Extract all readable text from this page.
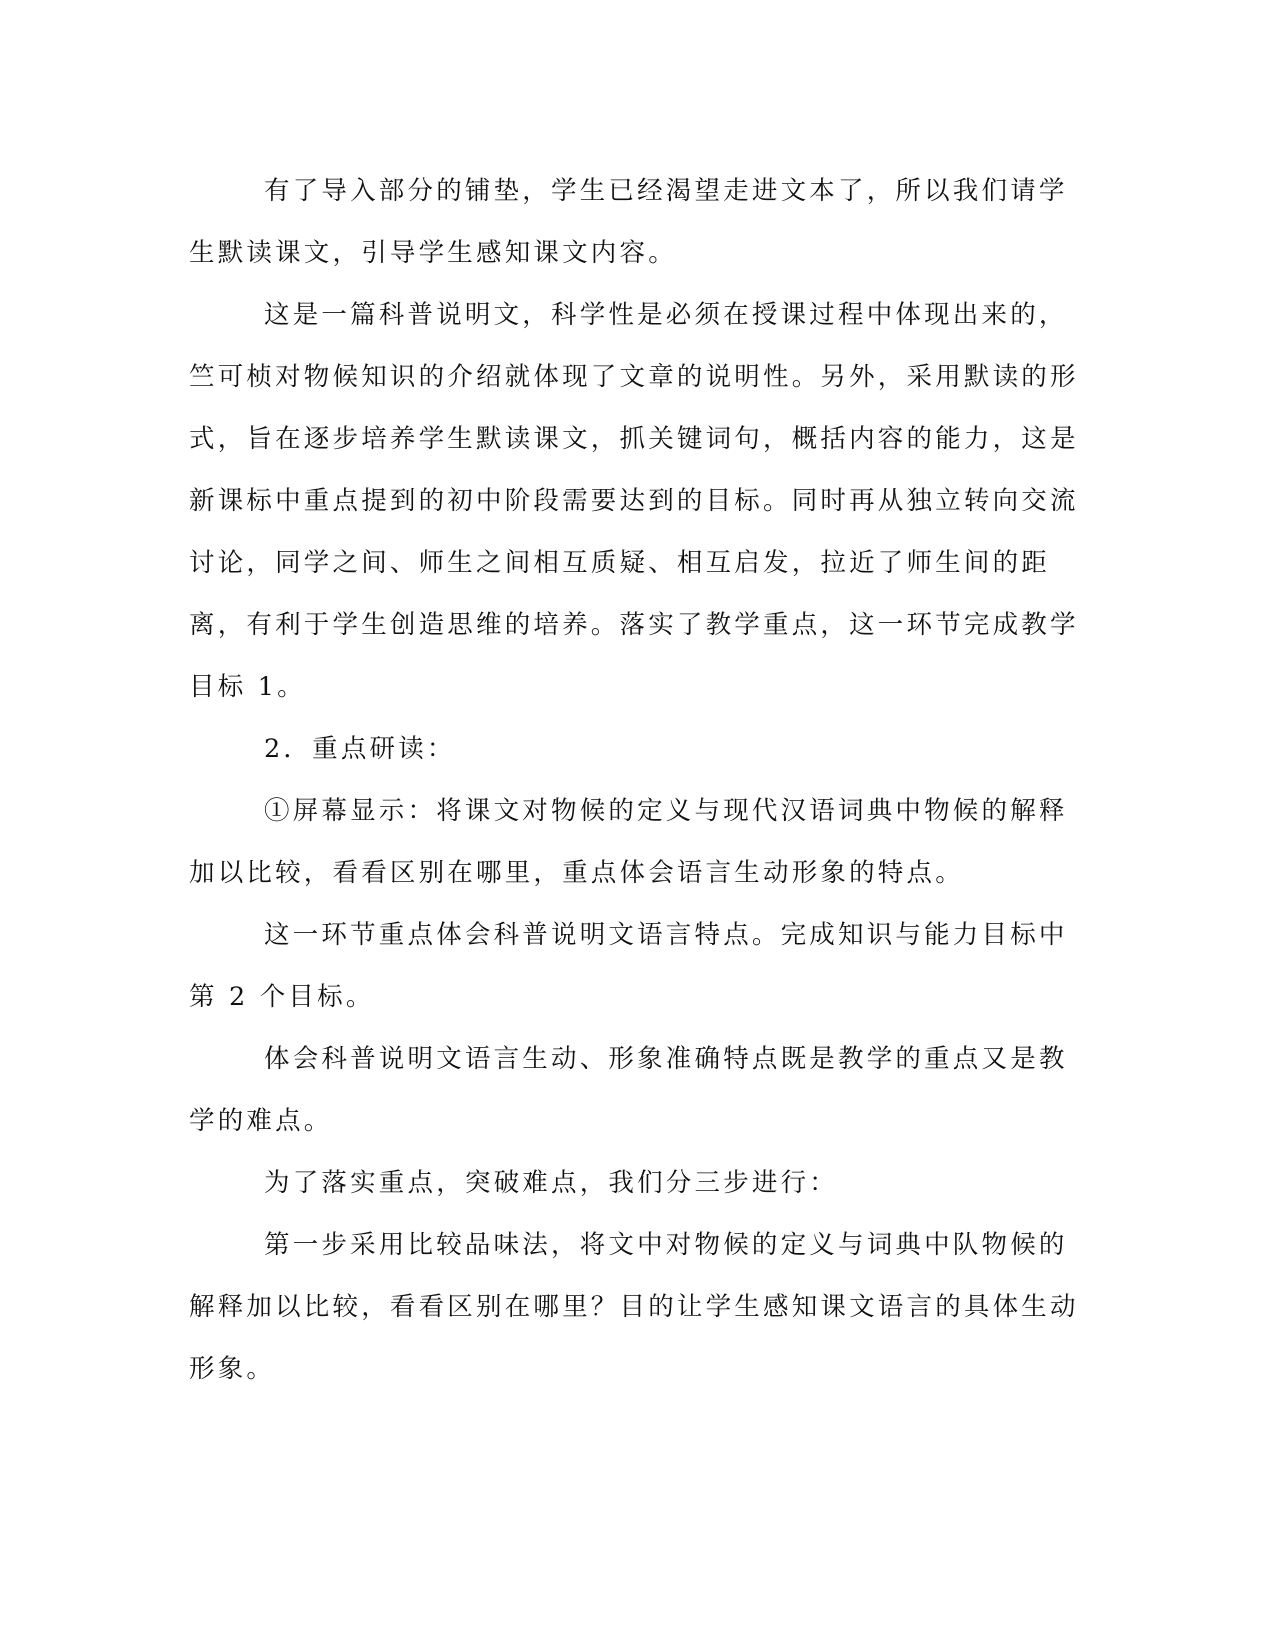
有了导入部分的铺垫，学生已经渴望走进文本了，所以我们请学生默读课文，引导学生感知课文内容。

这是一篇科普说明文，科学性是必须在授课过程中体现出来的，竺可桢对物候知识的介绍就体现了文章的说明性。另外，采用默读的形式，旨在逐步培养学生默读课文，抓关键词句，概括内容的能力，这是新课标中重点提到的初中阶段需要达到的目标。同时再从独立转向交流讨论，同学之间、师生之间相互质疑、相互启发，拉近了师生间的距离，有利于学生创造思维的培养。落实了教学重点，这一环节完成教学目标 1。

2．重点研读：

①屏幕显示：将课文对物候的定义与现代汉语词典中物候的解释加以比较，看看区别在哪里，重点体会语言生动形象的特点。

这一环节重点体会科普说明文语言特点。完成知识与能力目标中第 2 个目标。

体会科普说明文语言生动、形象准确特点既是教学的重点又是教学的难点。

为了落实重点，突破难点，我们分三步进行：

第一步采用比较品味法，将文中对物候的定义与词典中队物候的解释加以比较，看看区别在哪里？目的让学生感知课文语言的具体生动形象。
